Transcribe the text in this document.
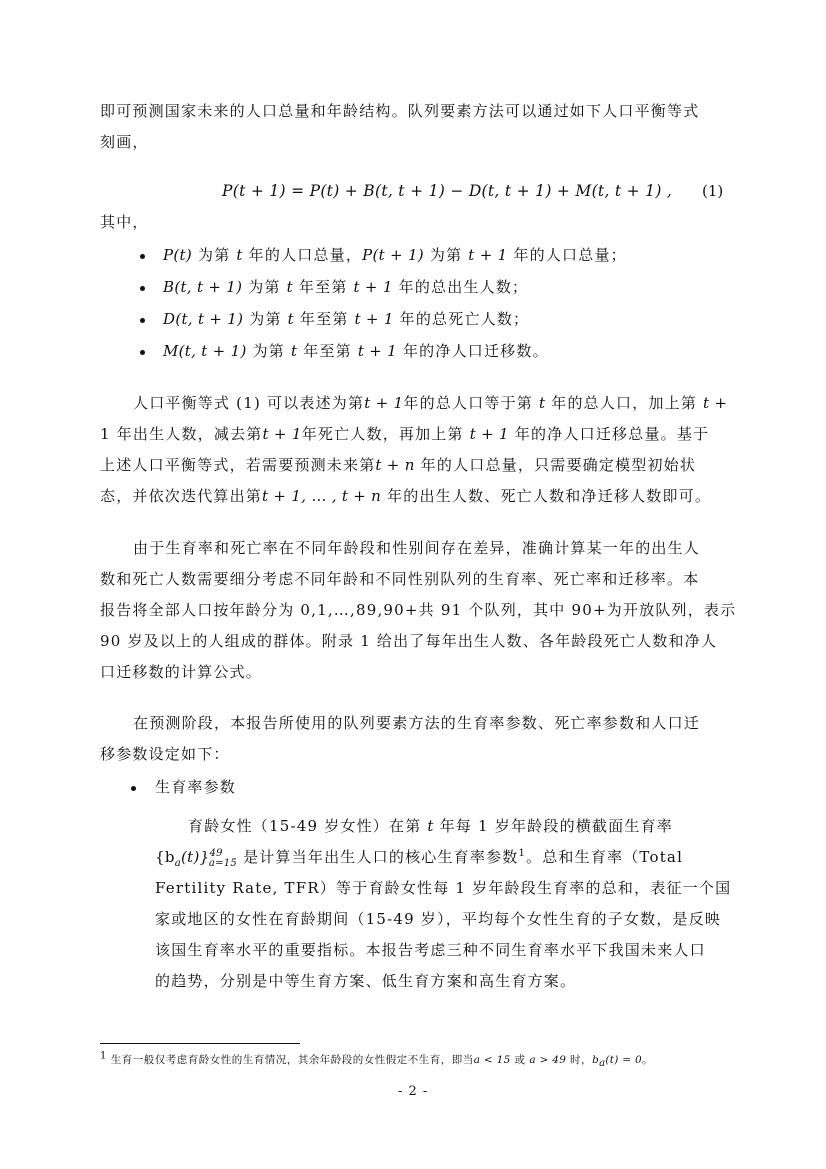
即可预测国家未来的人口总量和年龄结构。队列要素方法可以通过如下人口平衡等式

刻画，

P(t + 1) = P(t) + B(t, t + 1) − D(t, t + 1) + M(t, t + 1) , (1)

其中，

P(t) 为第 t 年的人口总量，P(t + 1) 为第 t + 1 年的人口总量；

B(t, t + 1) 为第 t 年至第 t + 1 年的总出生人数；

D(t, t + 1) 为第 t 年至第 t + 1 年的总死亡人数；

M(t, t + 1) 为第 t 年至第 t + 1 年的净人口迁移数。

人口平衡等式 (1) 可以表述为第t + 1年的总人口等于第 t 年的总人口，加上第 t +

1 年出生人数，减去第t + 1年死亡人数，再加上第 t + 1 年的净人口迁移总量。基于

上述人口平衡等式，若需要预测未来第t + n 年的人口总量，只需要确定模型初始状

态，并依次迭代算出第t + 1, … , t + n 年的出生人数、死亡人数和净迁移人数即可。

由于生育率和死亡率在不同年龄段和性别间存在差异，准确计算某一年的出生人

数和死亡人数需要细分考虑不同年龄和不同性别队列的生育率、死亡率和迁移率。本

报告将全部人口按年龄分为 0,1,…,89,90+共 91 个队列，其中 90+为开放队列，表示

90 岁及以上的人组成的群体。附录 1 给出了每年出生人数、各年龄段死亡人数和净人

口迁移数的计算公式。

在预测阶段，本报告所使用的队列要素方法的生育率参数、死亡率参数和人口迁

移参数设定如下：

生育率参数

育龄女性（15-49 岁女性）在第 t 年每 1 岁年龄段的横截面生育率

$\{b_a(t)\}^{49}_{a=15}$ 是计算当年出生人口的核心生育率参数$^1$。总和生育率（Total

Fertility Rate, TFR）等于育龄女性每 1 岁年龄段生育率的总和，表征一个国

家或地区的女性在育龄期间（15-49 岁），平均每个女性生育的子女数，是反映

该国生育率水平的重要指标。本报告考虑三种不同生育率水平下我国未来人口

的趋势，分别是中等生育方案、低生育方案和高生育方案。

$^1$ 生育一般仅考虑育龄女性的生育情况，其余年龄段的女性假定不生育，即当a < 15 或 a > 49 时，$b_a(t) = 0$。
- 2 -
